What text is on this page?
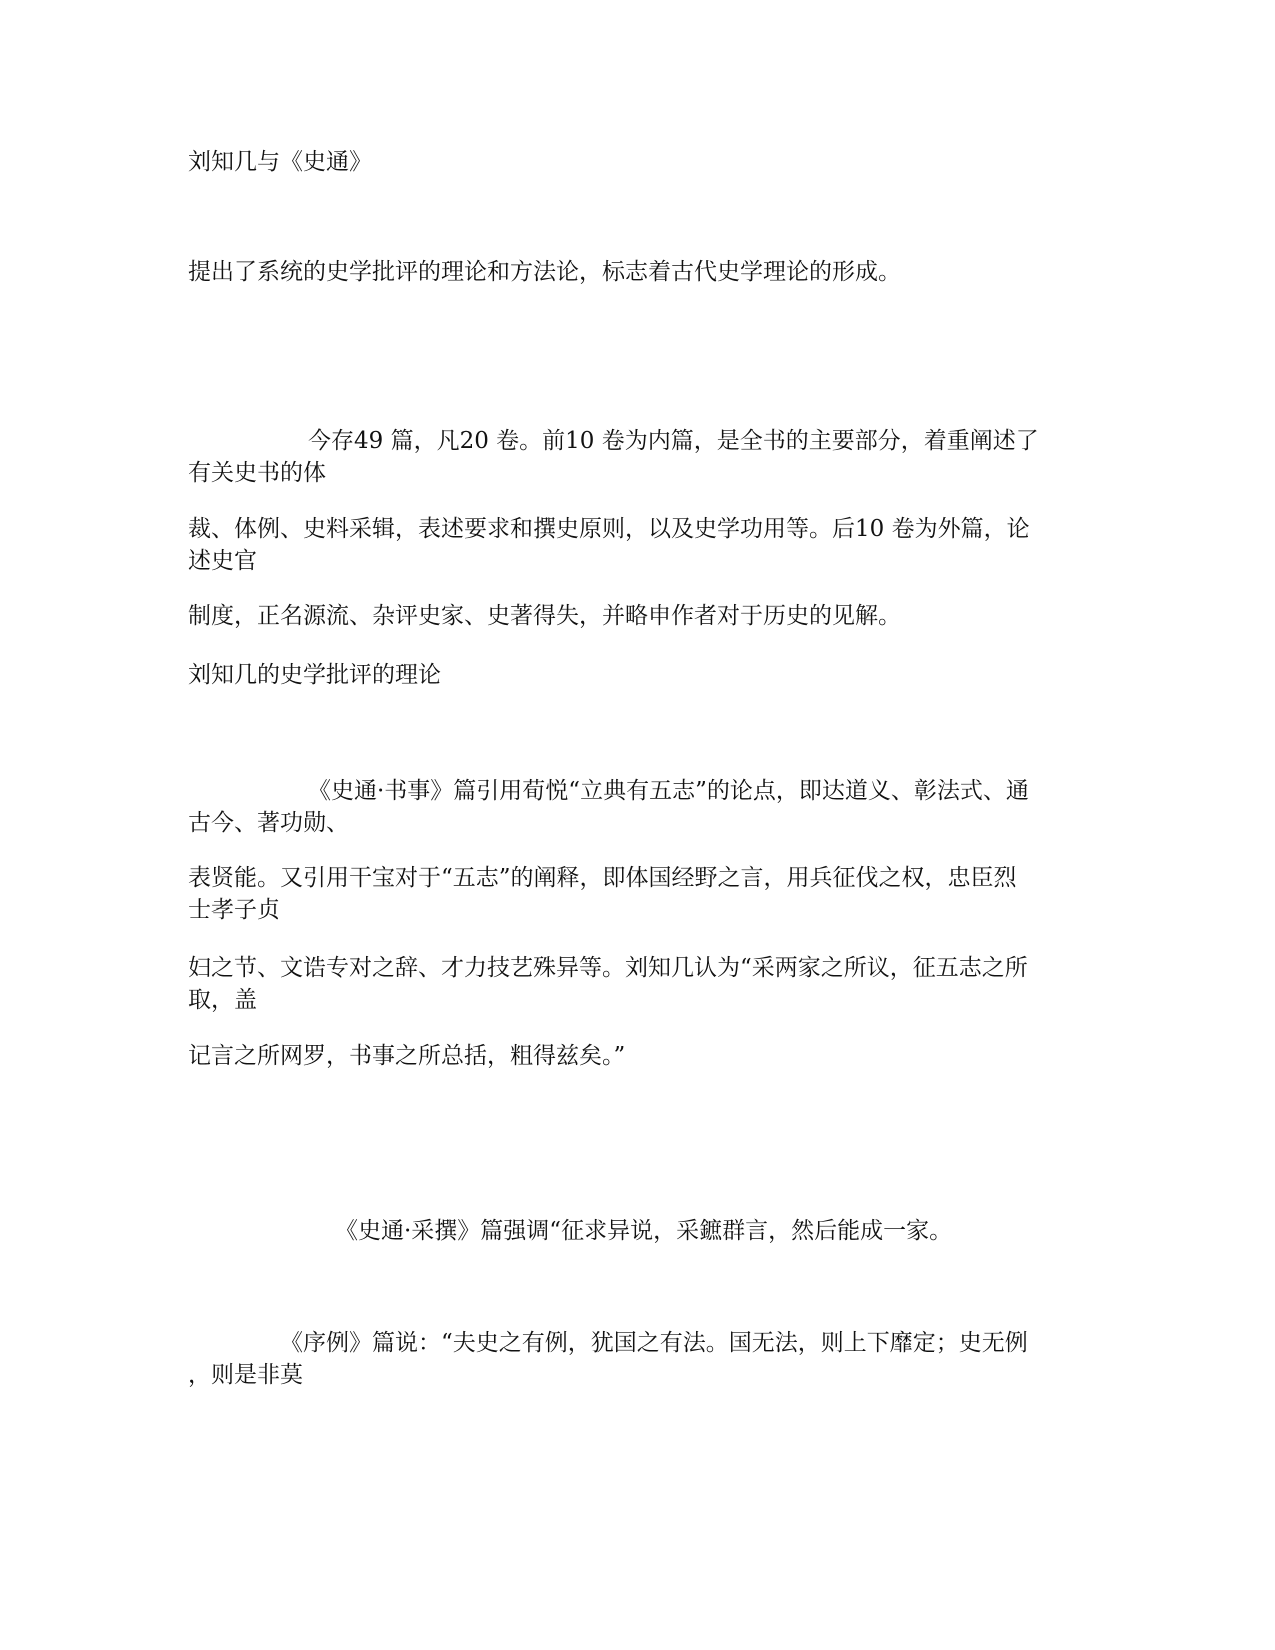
刘知几与《史通》
提出了系统的史学批评的理论和方法论，标志着古代史学理论的形成。
今存49 篇，凡20 卷。前10 卷为内篇，是全书的主要部分，着重阐述了
有关史书的体
裁、体例、史料采辑，表述要求和撰史原则，以及史学功用等。后10 卷为外篇，论
述史官
制度，正名源流、杂评史家、史著得失，并略申作者对于历史的见解。
刘知几的史学批评的理论
《史通·书事》篇引用荀悦“立典有五志”的论点，即达道义、彰法式、通
古今、著功勋、
表贤能。又引用干宝对于“五志”的阐释，即体国经野之言，用兵征伐之权，忠臣烈
士孝子贞
妇之节、文诰专对之辞、才力技艺殊异等。刘知几认为“采两家之所议，征五志之所
取，盖
记言之所网罗，书事之所总括，粗得兹矣。”
《史通·采撰》篇强调“征求异说，采鏣群言，然后能成一家。
《序例》篇说：“夫史之有例，犹国之有法。国无法，则上下靡定；史无例
，则是非莫
